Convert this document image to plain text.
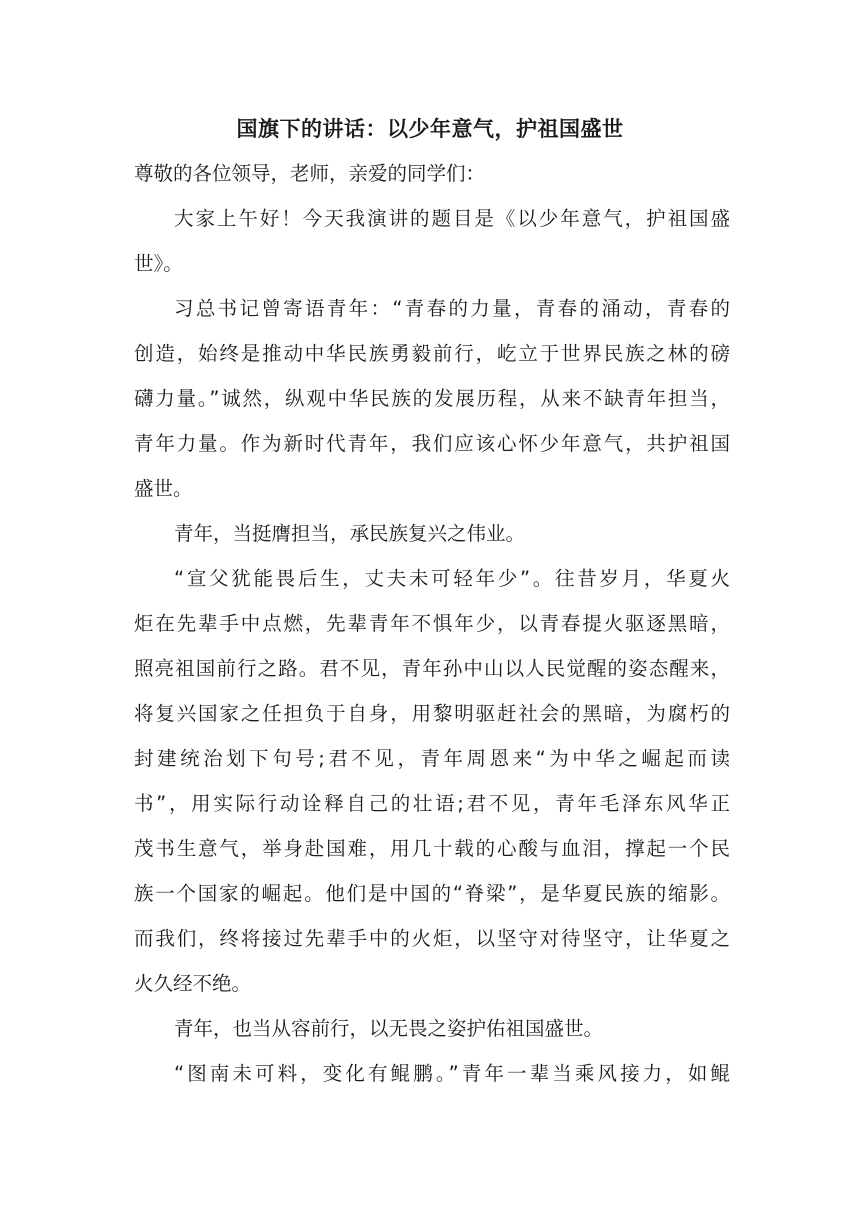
国旗下的讲话：以少年意气，护祖国盛世
尊敬的各位领导，老师，亲爱的同学们：
大家上午好！今天我演讲的题目是《以少年意气，护祖国盛
世》。
习总书记曾寄语青年：“青春的力量，青春的涌动，青春的
创造，始终是推动中华民族勇毅前行，屹立于世界民族之林的磅
礴力量。”诚然，纵观中华民族的发展历程，从来不缺青年担当，
青年力量。作为新时代青年，我们应该心怀少年意气，共护祖国
盛世。
青年，当挺膺担当，承民族复兴之伟业。
“宣父犹能畏后生，丈夫未可轻年少”。往昔岁月，华夏火
炬在先辈手中点燃，先辈青年不惧年少，以青春提火驱逐黑暗，
照亮祖国前行之路。君不见，青年孙中山以人民觉醒的姿态醒来，
将复兴国家之任担负于自身，用黎明驱赶社会的黑暗，为腐朽的
封建统治划下句号;君不见，青年周恩来“为中华之崛起而读
书”，用实际行动诠释自己的壮语;君不见，青年毛泽东风华正
茂书生意气，举身赴国难，用几十载的心酸与血泪，撑起一个民
族一个国家的崛起。他们是中国的“脊梁”，是华夏民族的缩影。
而我们，终将接过先辈手中的火炬，以坚守对待坚守，让华夏之
火久经不绝。
青年，也当从容前行，以无畏之姿护佑祖国盛世。
“图南未可料，变化有鲲鹏。”青年一辈当乘风接力，如鲲
